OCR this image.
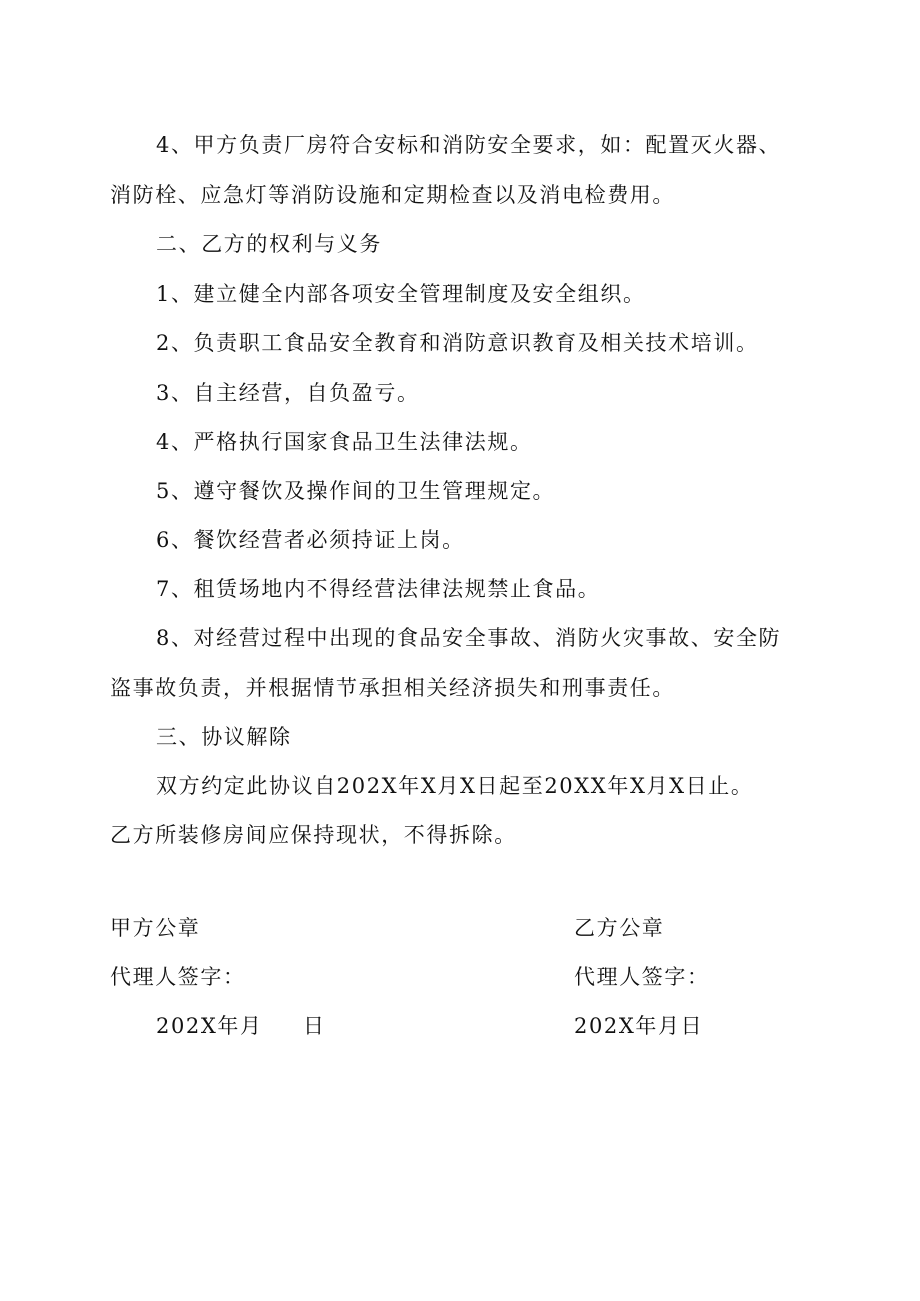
4、甲方负责厂房符合安标和消防安全要求，如：配置灭火器、

消防栓、应急灯等消防设施和定期检查以及消电检费用。

二、乙方的权利与义务

1、建立健全内部各项安全管理制度及安全组织。

2、负责职工食品安全教育和消防意识教育及相关技术培训。

3、自主经营，自负盈亏。

4、严格执行国家食品卫生法律法规。

5、遵守餐饮及操作间的卫生管理规定。

6、餐饮经营者必须持证上岗。

7、租赁场地内不得经营法律法规禁止食品。

8、对经营过程中出现的食品安全事故、消防火灾事故、安全防

盗事故负责，并根据情节承担相关经济损失和刑事责任。

三、协议解除

双方约定此协议自202X年X月X日起至20XX年X月X日止。

乙方所装修房间应保持现状，不得拆除。

甲方公章	乙方公章

代理人签字：	代理人签字：

202X年月 日	202X年月日
